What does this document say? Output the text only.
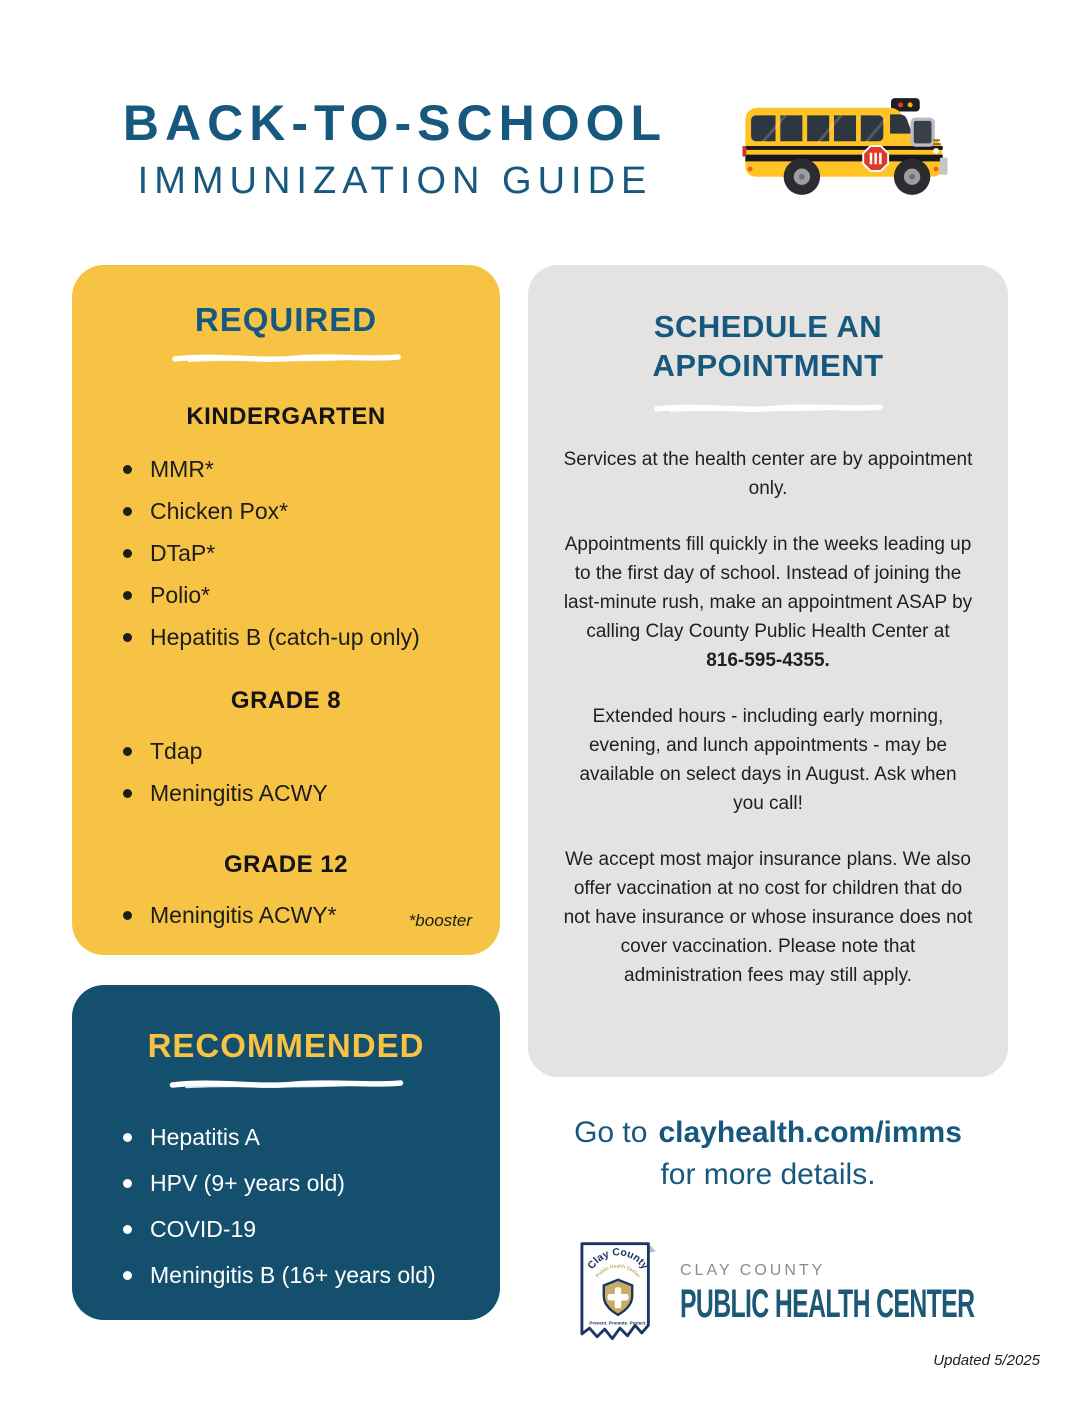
BACK-TO-SCHOOL
IMMUNIZATION GUIDE
REQUIRED
KINDERGARTEN
MMR*
Chicken Pox*
DTaP*
Polio*
Hepatitis B (catch-up only)
GRADE 8
Tdap
Meningitis ACWY
GRADE 12
Meningitis ACWY*	*booster
SCHEDULE AN
APPOINTMENT

Services at the health center are by appointment only.

Appointments fill quickly in the weeks leading up to the first day of school. Instead of joining the last-minute rush, make an appointment ASAP by calling Clay County Public Health Center at
816-595-4355.

Extended hours - including early morning, evening, and lunch appointments - may be available on select days in August. Ask when you call!

We accept most major insurance plans. We also offer vaccination at no cost for children that do not have insurance or whose insurance does not cover vaccination. Please note that administration fees may still apply.

RECOMMENDED
Hepatitis A
HPV (9+ years old)
COVID-19
Meningitis B (16+ years old)
Go to clayhealth.com/imms
for more details.
Clay County
Public Health Center
Prevent. Promote. Protect.
CLAY COUNTY
PUBLIC HEALTH CENTER
Updated 5/2025
